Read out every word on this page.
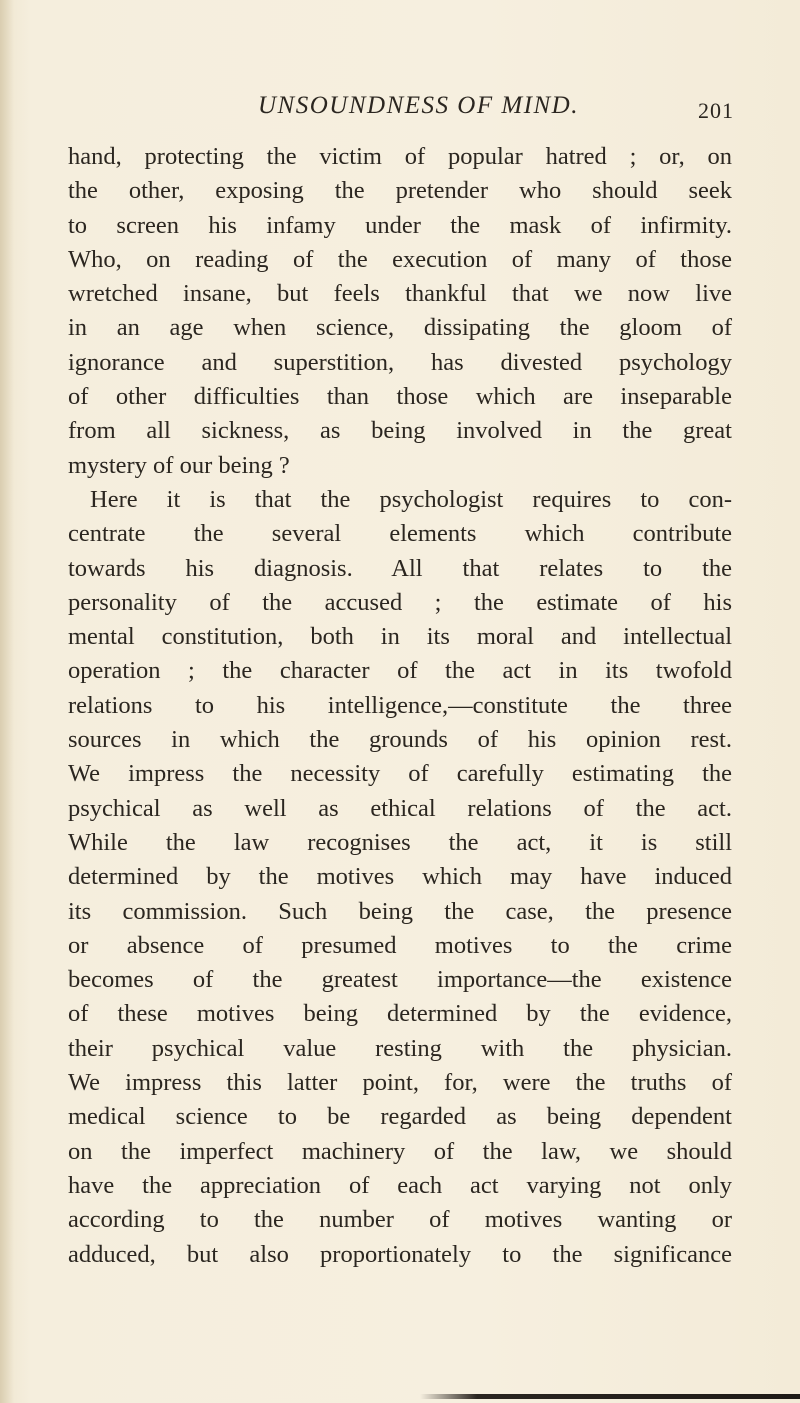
UNSOUNDNESS OF MIND.	201
hand, protecting the victim of popular hatred ; or, on
the other, exposing the pretender who should seek
to screen his infamy under the mask of infirmity.
Who, on reading of the execution of many of those
wretched insane, but feels thankful that we now live
in an age when science, dissipating the gloom of
ignorance and superstition, has divested psychology
of other difficulties than those which are inseparable
from all sickness, as being involved in the great
mystery of our being ?
Here it is that the psychologist requires to con-
centrate the several elements which contribute
towards his diagnosis. All that relates to the
personality of the accused ; the estimate of his
mental constitution, both in its moral and intellectual
operation ; the character of the act in its twofold
relations to his intelligence,—constitute the three
sources in which the grounds of his opinion rest.
We impress the necessity of carefully estimating the
psychical as well as ethical relations of the act.
While the law recognises the act, it is still
determined by the motives which may have induced
its commission. Such being the case, the presence
or absence of presumed motives to the crime
becomes of the greatest importance—the existence
of these motives being determined by the evidence,
their psychical value resting with the physician.
We impress this latter point, for, were the truths of
medical science to be regarded as being dependent
on the imperfect machinery of the law, we should
have the appreciation of each act varying not only
according to the number of motives wanting or
adduced, but also proportionately to the significance
